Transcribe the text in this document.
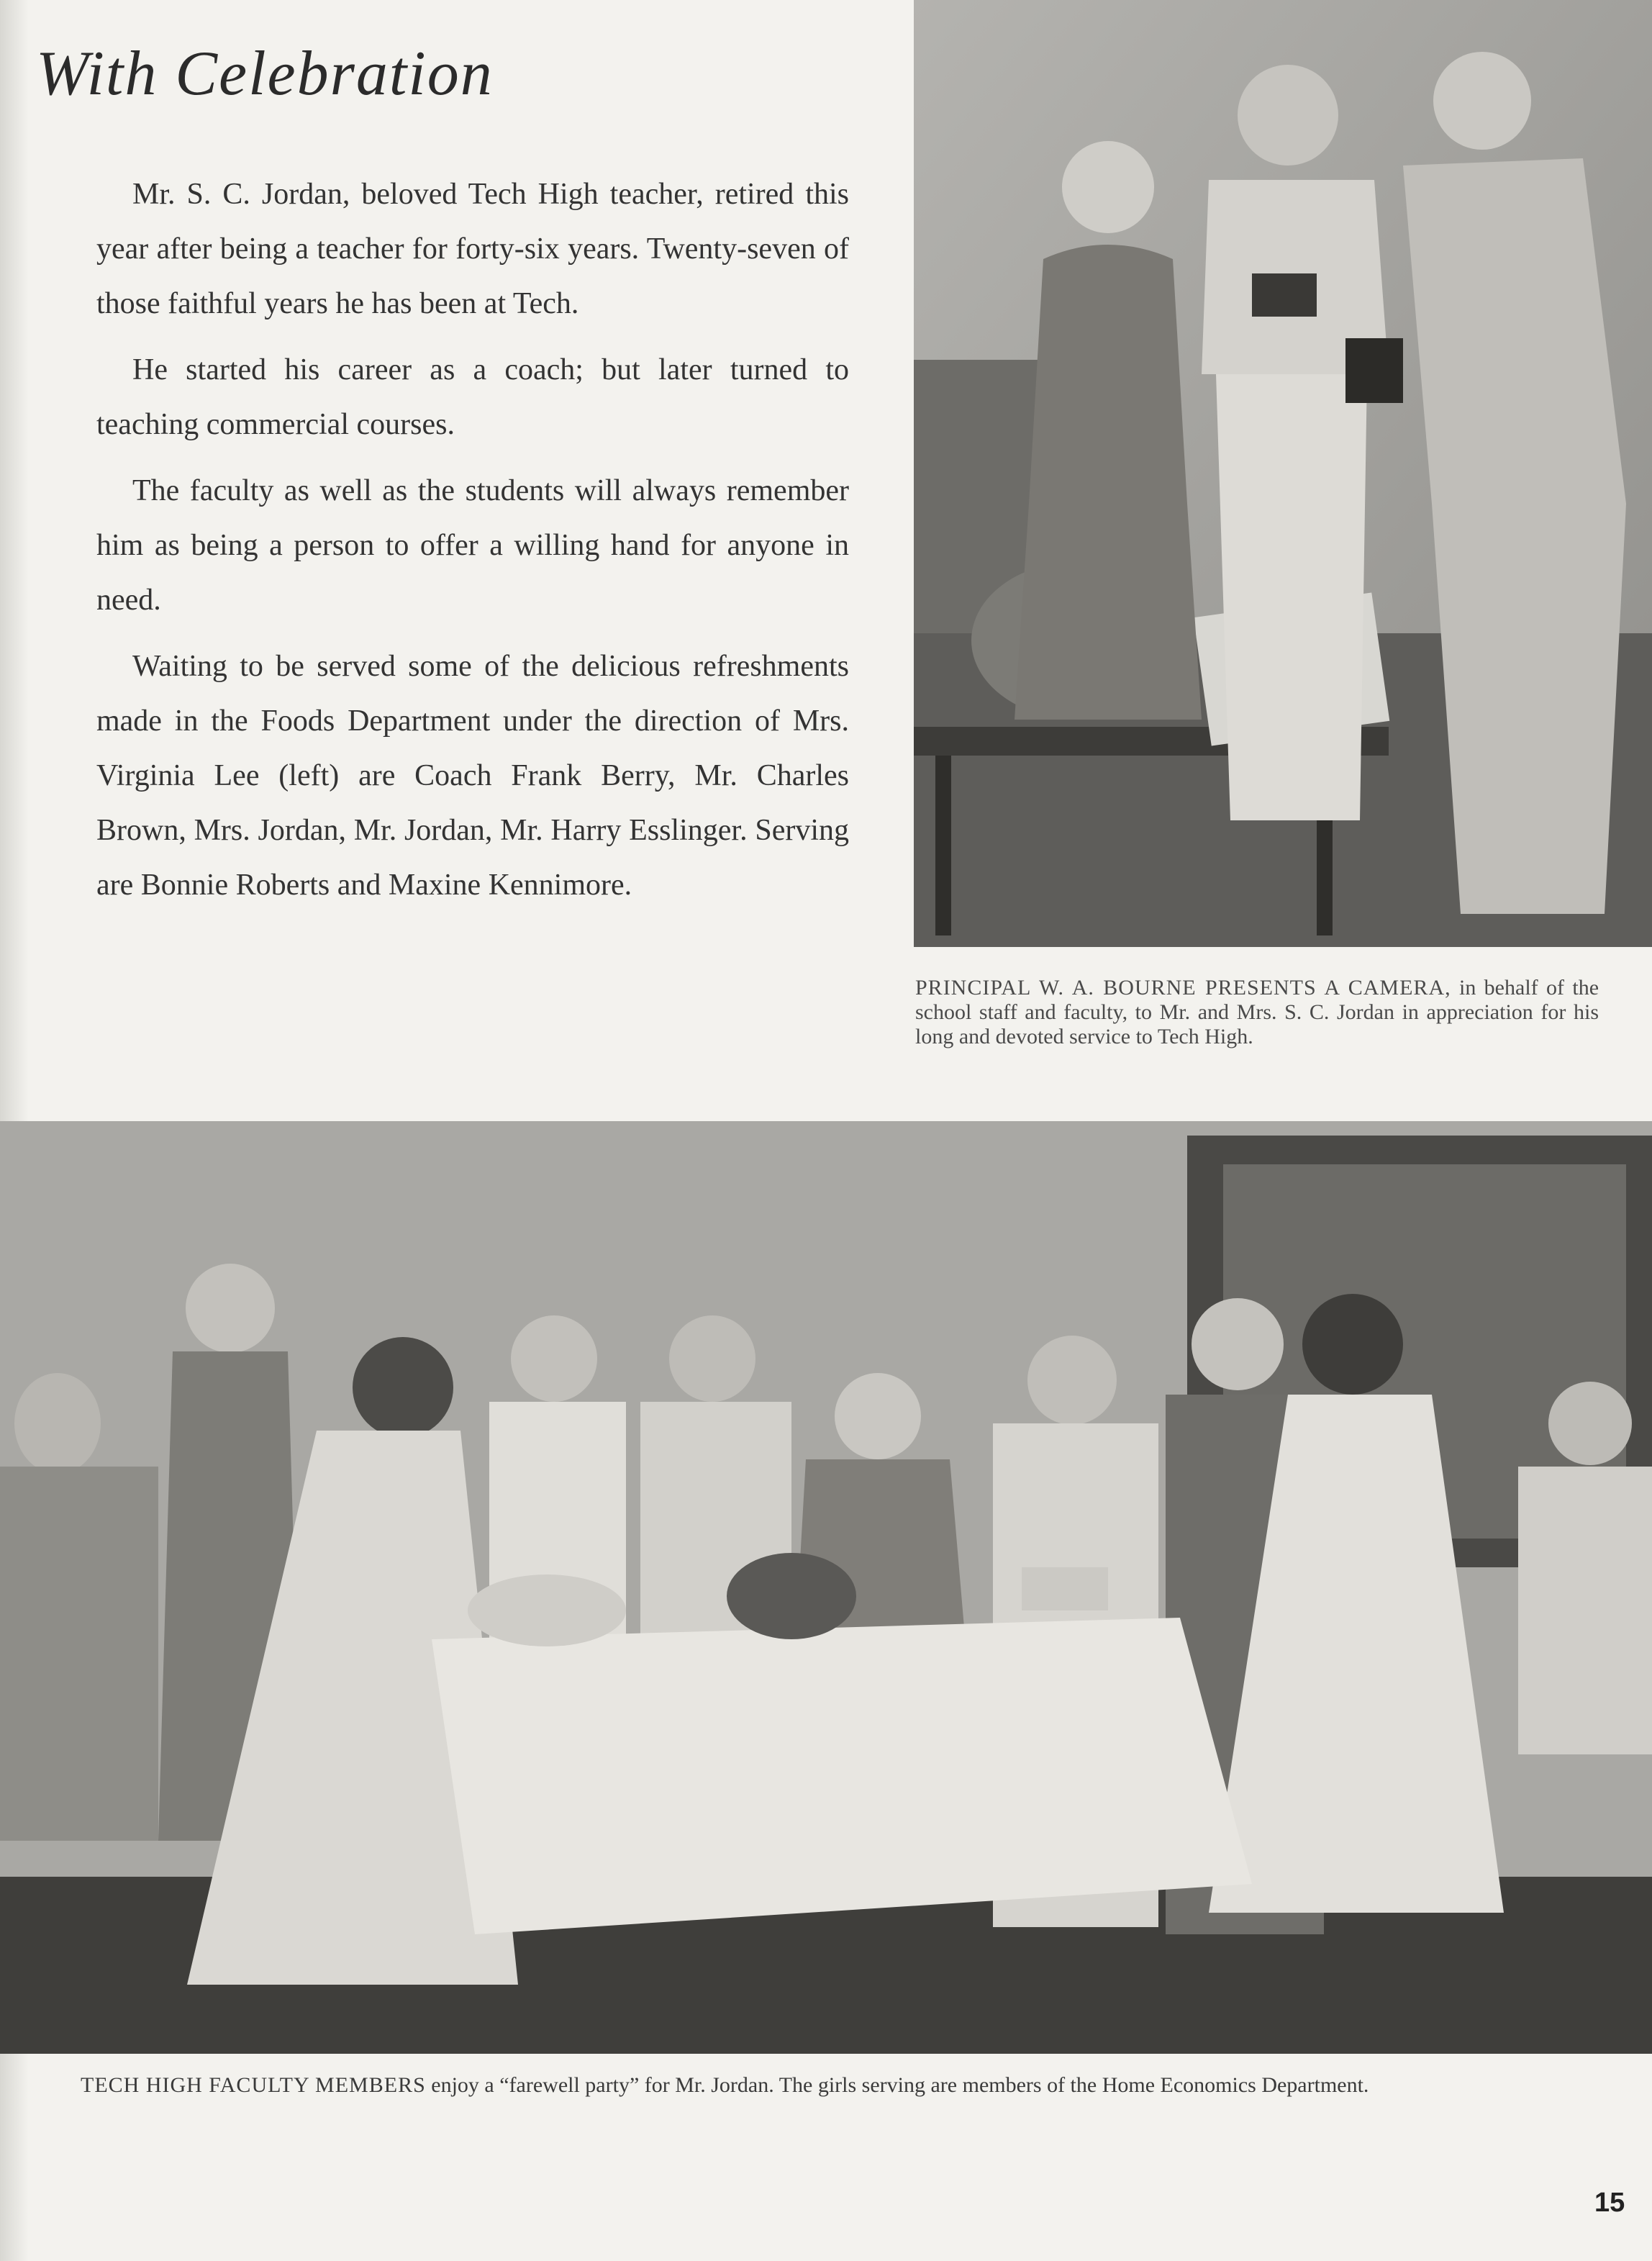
With Celebration

Mr. S. C. Jordan, beloved Tech High teacher, retired this year after being a teacher for forty-six years. Twenty-seven of those faithful years he has been at Tech.

He started his career as a coach; but later turned to teaching commercial courses.

The faculty as well as the students will always remember him as being a person to offer a willing hand for anyone in need.

Waiting to be served some of the delicious refreshments made in the Foods Department under the direction of Mrs. Virginia Lee (left) are Coach Frank Berry, Mr. Charles Brown, Mrs. Jordan, Mr. Jordan, Mr. Harry Esslinger. Serving are Bonnie Roberts and Maxine Kennimore.

PRINCIPAL W. A. BOURNE PRESENTS A CAMERA, in behalf of the school staff and faculty, to Mr. and Mrs. S. C. Jordan in appreciation for his long and devoted service to Tech High.
TECH HIGH FACULTY MEMBERS enjoy a “farewell party” for Mr. Jordan. The girls serving are members of the Home Economics Department.
15
